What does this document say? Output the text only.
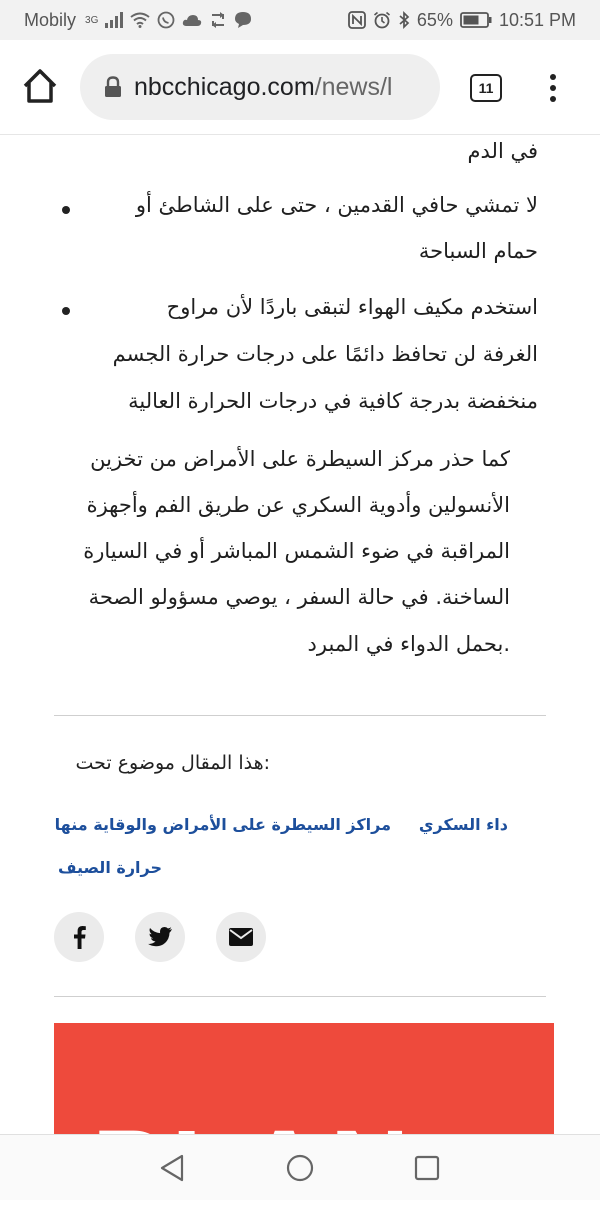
Mobily 3G	65%	10:51 PM
nbcchicago.com/news/l	11
في الدم
لا تمشي حافي القدمين ، حتى على الشاطئ أو
حمام السباحة
استخدم مكيف الهواء لتبقى باردًا لأن مراوح
الغرفة لن تحافظ دائمًا على درجات حرارة الجسم
منخفضة بدرجة كافية في درجات الحرارة العالية
كما حذر مركز السيطرة على الأمراض من تخزين
الأنسولين وأدوية السكري عن طريق الفم وأجهزة
المراقبة في ضوء الشمس المباشر أو في السيارة
الساخنة. في حالة السفر ، يوصي مسؤولو الصحة
.بحمل الدواء في المبرد
:هذا المقال موضوع تحت
داء السكري
مراكز السيطرة على الأمراض والوقاية منها
حرارة الصيف
